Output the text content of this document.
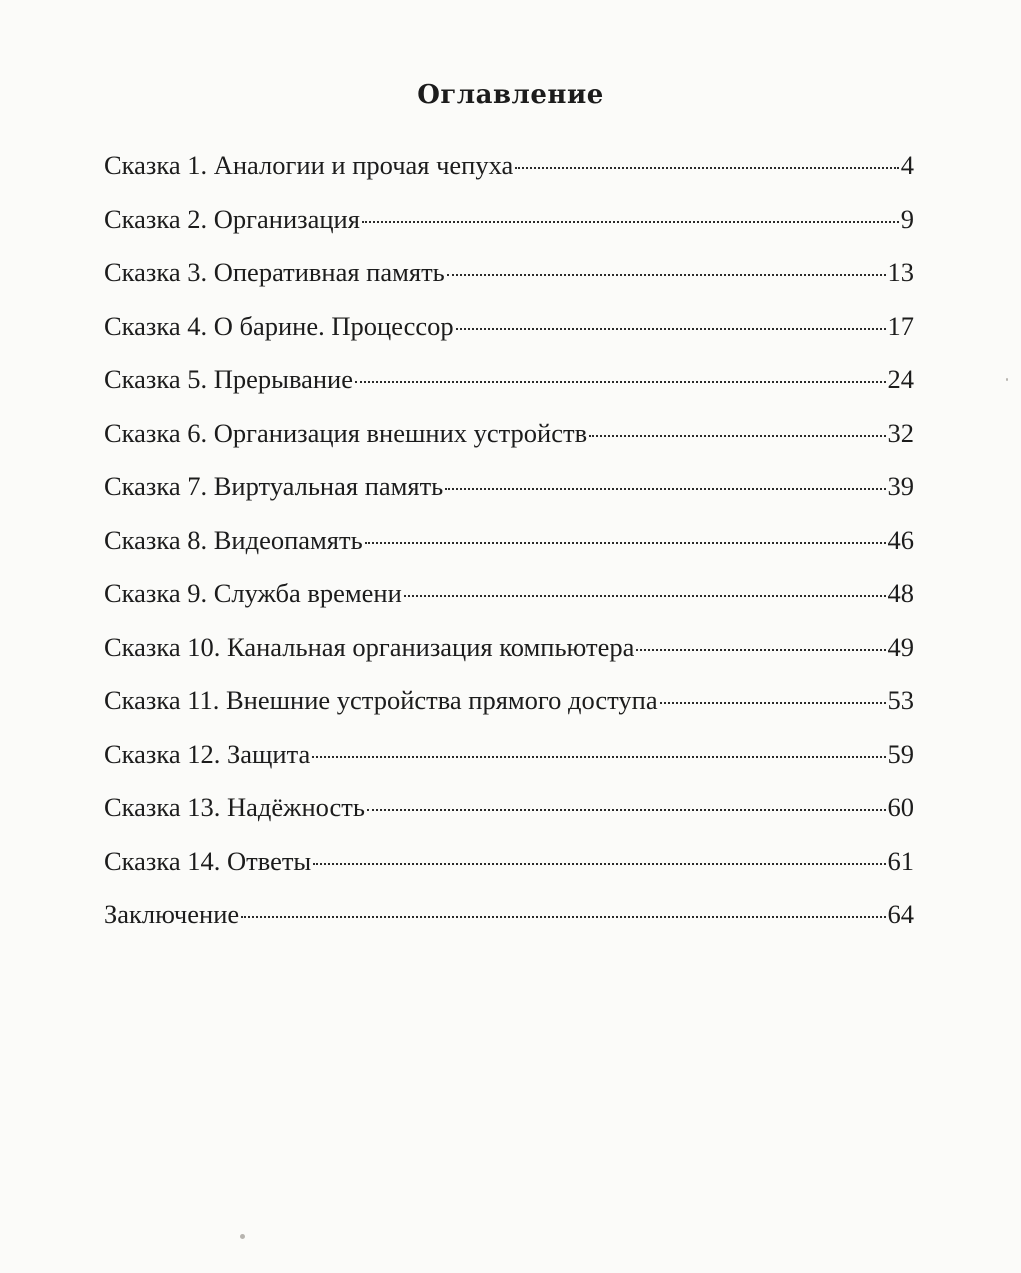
Оглавление
Сказка 1. Аналогии и прочая чепуха	4
Сказка 2. Организация	9
Сказка 3. Оперативная память	13
Сказка 4. О барине. Процессор	17
Сказка 5. Прерывание	24
Сказка 6. Организация внешних устройств	32
Сказка 7. Виртуальная память	39
Сказка 8. Видеопамять	46
Сказка 9. Служба времени	48
Сказка 10. Канальная организация компьютера	49
Сказка 11. Внешние устройства прямого доступа	53
Сказка 12. Защита	59
Сказка 13. Надёжность	60
Сказка 14. Ответы	61
Заключение	64
